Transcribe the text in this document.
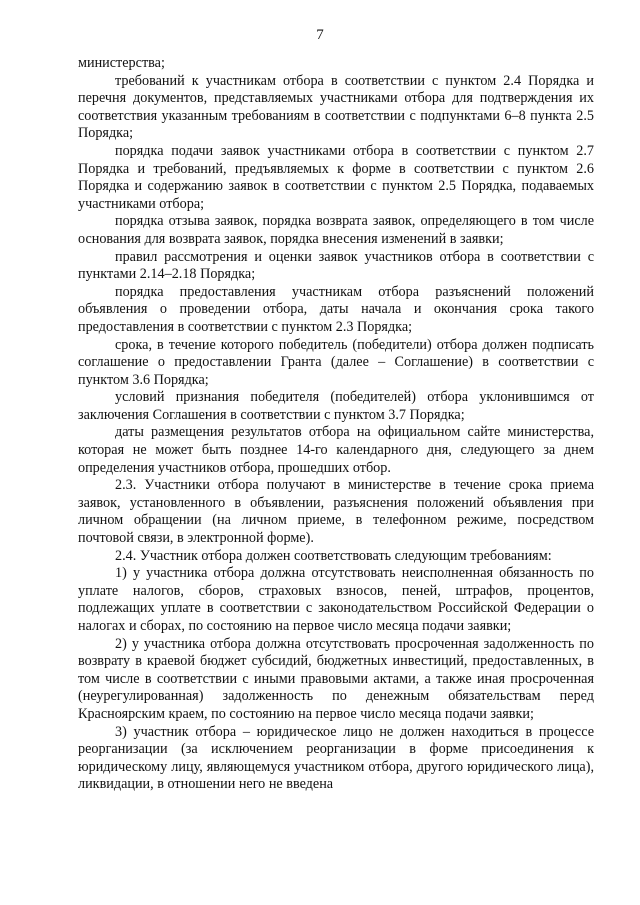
7

министерства;

требований к участникам отбора в соответствии с пунктом 2.4 Порядка и перечня документов, представляемых участниками отбора для подтверждения их соответствия указанным требованиям в соответствии с подпунктами 6–8 пункта 2.5 Порядка;

порядка подачи заявок участниками отбора в соответствии с пунктом 2.7 Порядка и требований, предъявляемых к форме в соответствии с пунктом 2.6 Порядка и содержанию заявок в соответствии с пунктом 2.5 Порядка, подаваемых участниками отбора;

порядка отзыва заявок, порядка возврата заявок, определяющего в том числе основания для возврата заявок, порядка внесения изменений в заявки;

правил рассмотрения и оценки заявок участников отбора в соответствии с пунктами 2.14–2.18 Порядка;

порядка предоставления участникам отбора разъяснений положений объявления о проведении отбора, даты начала и окончания срока такого предоставления в соответствии с пунктом 2.3 Порядка;

срока, в течение которого победитель (победители) отбора должен подписать соглашение о предоставлении Гранта (далее – Соглашение) в соответствии с пунктом 3.6 Порядка;

условий признания победителя (победителей) отбора уклонившимся от заключения Соглашения в соответствии с пунктом 3.7 Порядка;

даты размещения результатов отбора на официальном сайте министерства, которая не может быть позднее 14-го календарного дня, следующего за днем определения участников отбора, прошедших отбор.

2.3. Участники отбора получают в министерстве в течение срока приема заявок, установленного в объявлении, разъяснения положений объявления при личном обращении (на личном приеме, в телефонном режиме, посредством почтовой связи, в электронной форме).

2.4. Участник отбора должен соответствовать следующим требованиям:

1) у участника отбора должна отсутствовать неисполненная обязанность по уплате налогов, сборов, страховых взносов, пеней, штрафов, процентов, подлежащих уплате в соответствии с законодательством Российской Федерации о налогах и сборах, по состоянию на первое число месяца подачи заявки;

2) у участника отбора должна отсутствовать просроченная задолженность по возврату в краевой бюджет субсидий, бюджетных инвестиций, предоставленных, в том числе в соответствии с иными правовыми актами, а также иная просроченная (неурегулированная) задолженность по денежным обязательствам перед Красноярским краем, по состоянию на первое число месяца подачи заявки;

3) участник отбора – юридическое лицо не должен находиться в процессе реорганизации (за исключением реорганизации в форме присоединения к юридическому лицу, являющемуся участником отбора, другого юридического лица), ликвидации, в отношении него не введена
